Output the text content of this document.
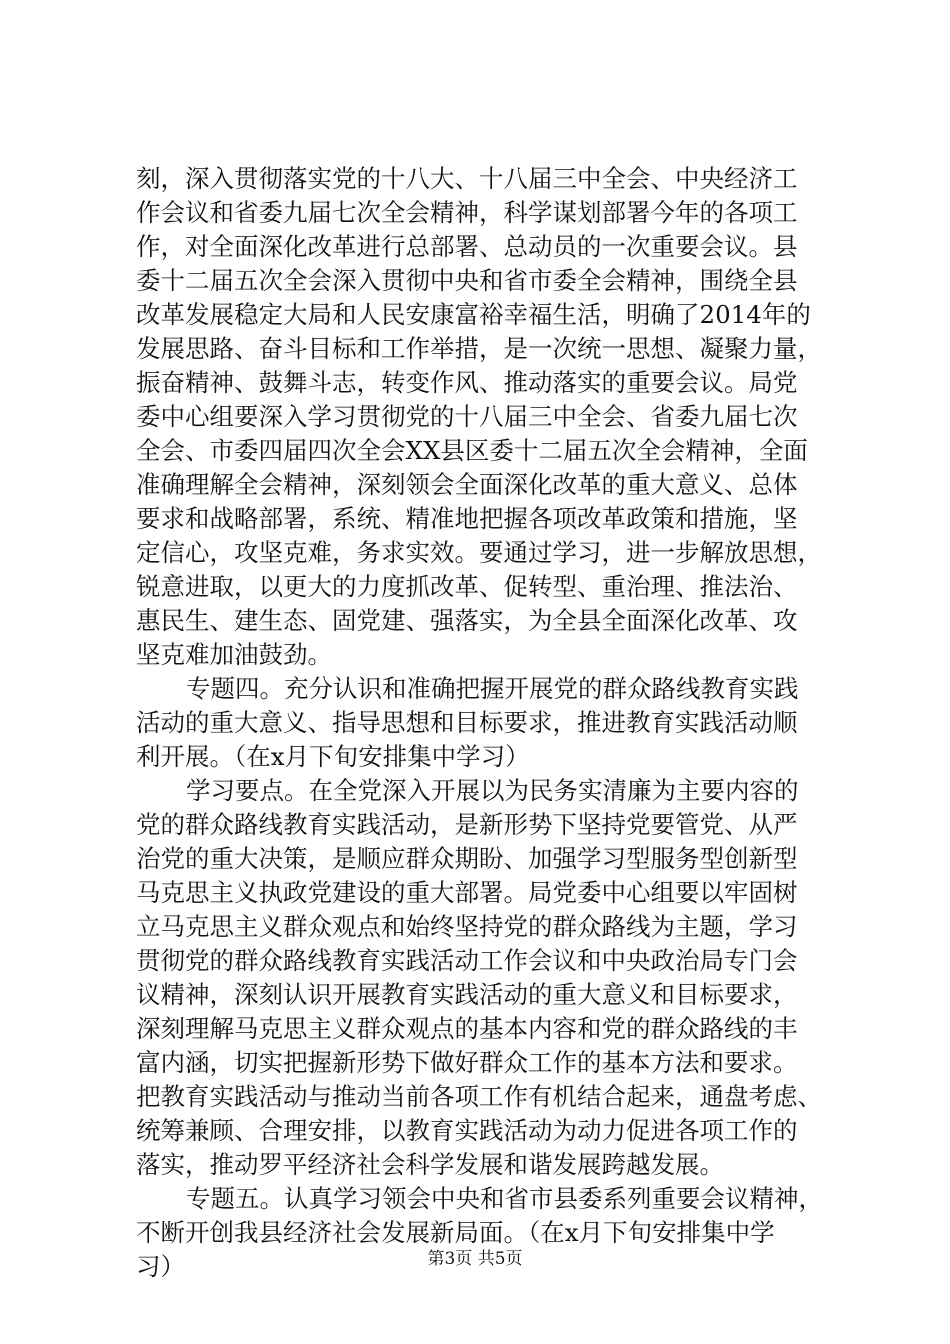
刻，深入贯彻落实党的十八大、十八届三中全会、中央经济工
作会议和省委九届七次全会精神，科学谋划部署今年的各项工
作，对全面深化改革进行总部署、总动员的一次重要会议。县
委十二届五次全会深入贯彻中央和省市委全会精神，围绕全县
改革发展稳定大局和人民安康富裕幸福生活，明确了2014年的
发展思路、奋斗目标和工作举措，是一次统一思想、凝聚力量，
振奋精神、鼓舞斗志，转变作风、推动落实的重要会议。局党
委中心组要深入学习贯彻党的十八届三中全会、省委九届七次
全会、市委四届四次全会XX县区委十二届五次全会精神，全面
准确理解全会精神，深刻领会全面深化改革的重大意义、总体
要求和战略部署，系统、精准地把握各项改革政策和措施，坚
定信心，攻坚克难，务求实效。要通过学习，进一步解放思想，
锐意进取，以更大的力度抓改革、促转型、重治理、推法治、
惠民生、建生态、固党建、强落实，为全县全面深化改革、攻
坚克难加油鼓劲。
专题四。充分认识和准确把握开展党的群众路线教育实践
活动的重大意义、指导思想和目标要求，推进教育实践活动顺
利开展。（在x月下旬安排集中学习）
学习要点。在全党深入开展以为民务实清廉为主要内容的
党的群众路线教育实践活动，是新形势下坚持党要管党、从严
治党的重大决策，是顺应群众期盼、加强学习型服务型创新型
马克思主义执政党建设的重大部署。局党委中心组要以牢固树
立马克思主义群众观点和始终坚持党的群众路线为主题，学习
贯彻党的群众路线教育实践活动工作会议和中央政治局专门会
议精神，深刻认识开展教育实践活动的重大意义和目标要求，
深刻理解马克思主义群众观点的基本内容和党的群众路线的丰
富内涵，切实把握新形势下做好群众工作的基本方法和要求。
把教育实践活动与推动当前各项工作有机结合起来，通盘考虑、
统筹兼顾、合理安排，以教育实践活动为动力促进各项工作的
落实，推动罗平经济社会科学发展和谐发展跨越发展。
专题五。认真学习领会中央和省市县委系列重要会议精神，
不断开创我县经济社会发展新局面。（在x月下旬安排集中学
习）	第3页 共5页
